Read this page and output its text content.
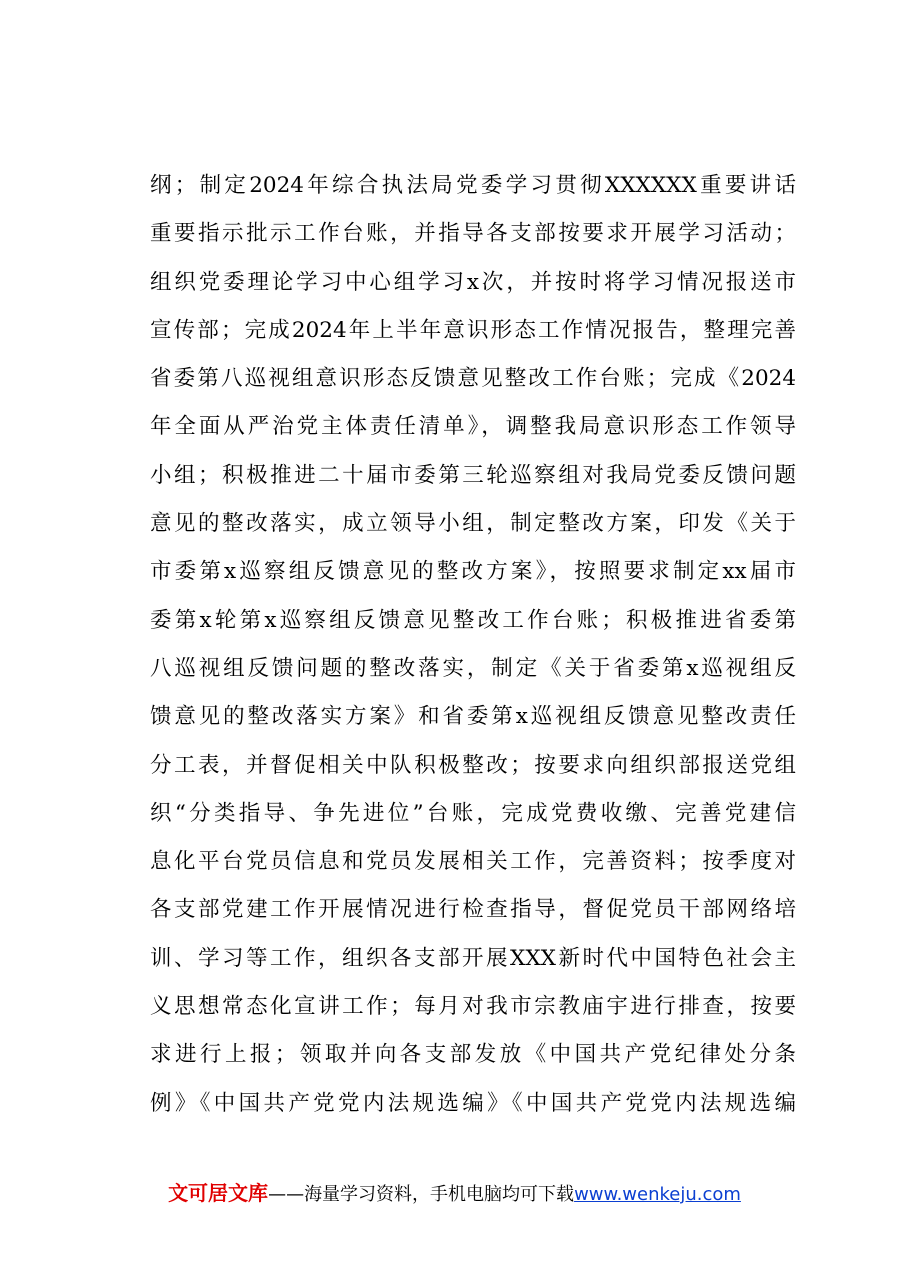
纲；制定2024年综合执法局党委学习贯彻XXXXXX重要讲话
重要指示批示工作台账，并指导各支部按要求开展学习活动；
组织党委理论学习中心组学习x次，并按时将学习情况报送市
宣传部；完成2024年上半年意识形态工作情况报告，整理完善
省委第八巡视组意识形态反馈意见整改工作台账；完成《2024
年全面从严治党主体责任清单》，调整我局意识形态工作领导
小组；积极推进二十届市委第三轮巡察组对我局党委反馈问题
意见的整改落实，成立领导小组，制定整改方案，印发《关于
市委第x巡察组反馈意见的整改方案》，按照要求制定xx届市
委第x轮第x巡察组反馈意见整改工作台账；积极推进省委第
八巡视组反馈问题的整改落实，制定《关于省委第x巡视组反
馈意见的整改落实方案》和省委第x巡视组反馈意见整改责任
分工表，并督促相关中队积极整改；按要求向组织部报送党组
织“分类指导、争先进位”台账，完成党费收缴、完善党建信
息化平台党员信息和党员发展相关工作，完善资料；按季度对
各支部党建工作开展情况进行检查指导，督促党员干部网络培
训、学习等工作，组织各支部开展XXX新时代中国特色社会主
义思想常态化宣讲工作；每月对我市宗教庙宇进行排查，按要
求进行上报；领取并向各支部发放《中国共产党纪律处分条
例》《中国共产党党内法规选编》《中国共产党党内法规选编
文可居文库——海量学习资料，手机电脑均可下载www.wenkeju.com
